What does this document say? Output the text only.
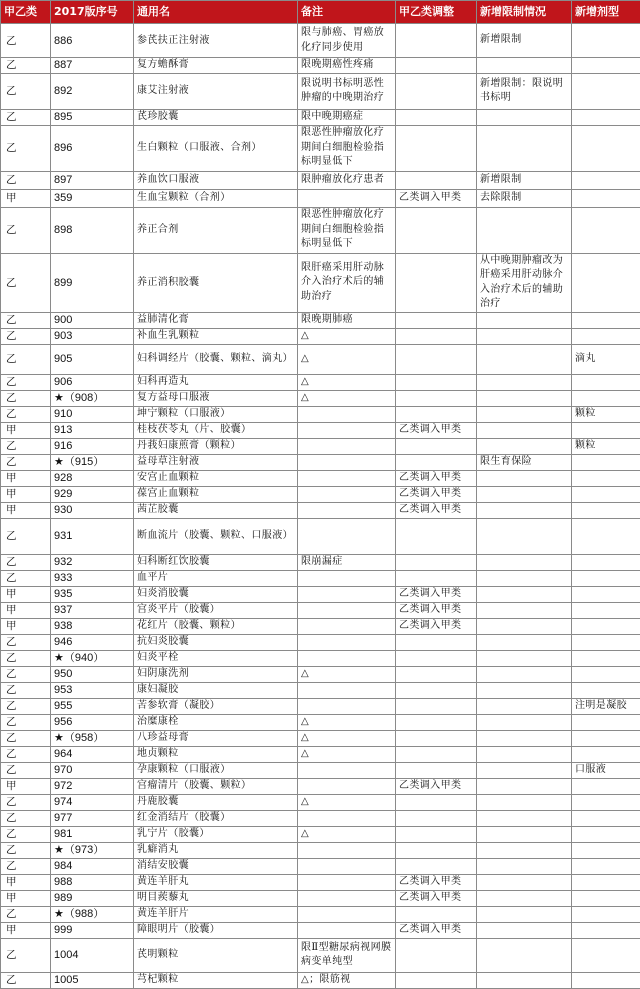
甲乙类	2017版序号	通用名	备注	甲乙类调整	新增限制情况	新增剂型
乙	886	参芪扶正注射液	限与肺癌、胃癌放化疗同步使用		新增限制	
乙	887	复方蟾酥膏	限晚期癌性疼痛			
乙	892	康艾注射液	限说明书标明恶性肿瘤的中晚期治疗		新增限制：限说明书标明	
乙	895	芪珍胶囊	限中晚期癌症			
乙	896	生白颗粒（口服液、合剂）	限恶性肿瘤放化疗期间白细胞检验指标明显低下			
乙	897	养血饮口服液	限肿瘤放化疗患者		新增限制	
甲	359	生血宝颗粒（合剂）		乙类调入甲类	去除限制	
乙	898	养正合剂	限恶性肿瘤放化疗期间白细胞检验指标明显低下			
乙	899	养正消积胶囊	限肝癌采用肝动脉介入治疗术后的辅助治疗		从中晚期肿瘤改为肝癌采用肝动脉介入治疗术后的辅助治疗	
乙	900	益肺清化膏	限晚期肺癌			
乙	903	补血生乳颗粒	△			
乙	905	妇科调经片（胶囊、颗粒、滴丸）	△			滴丸
乙	906	妇科再造丸	△			
乙	★（908）	复方益母口服液	△			
乙	910	坤宁颗粒（口服液）				颗粒
甲	913	桂枝茯苓丸（片、胶囊）		乙类调入甲类		
乙	916	丹莪妇康煎膏（颗粒）				颗粒
乙	★（915）	益母草注射液			限生育保险	
甲	928	安宫止血颗粒		乙类调入甲类		
甲	929	葆宫止血颗粒		乙类调入甲类		
甲	930	茜芷胶囊		乙类调入甲类		
乙	931	断血流片（胶囊、颗粒、口服液）				
乙	932	妇科断红饮胶囊	限崩漏症			
乙	933	血平片				
甲	935	妇炎消胶囊		乙类调入甲类		
甲	937	宫炎平片（胶囊）		乙类调入甲类		
甲	938	花红片（胶囊、颗粒）		乙类调入甲类		
乙	946	抗妇炎胶囊				
乙	★（940）	妇炎平栓				
乙	950	妇阴康洗剂	△			
乙	953	康妇凝胶				
乙	955	苦参软膏（凝胶）				注明是凝胶
乙	956	治糜康栓	△			
乙	★（958）	八珍益母膏	△			
乙	964	地贞颗粒	△			
乙	970	孕康颗粒（口服液）				口服液
甲	972	宫瘤清片（胶囊、颗粒）		乙类调入甲类		
乙	974	丹鹿胶囊	△			
乙	977	红金消结片（胶囊）				
乙	981	乳宁片（胶囊）	△			
乙	★（973）	乳癖消丸				
乙	984	消结安胶囊				
甲	988	黄连羊肝丸		乙类调入甲类		
甲	989	明目蒺藜丸		乙类调入甲类		
乙	★（988）	黄连羊肝片				
甲	999	障眼明片（胶囊）		乙类调入甲类		
乙	1004	芪明颗粒	限Ⅱ型糖尿病视网膜病变单纯型			
乙	1005	芎杞颗粒	△；限筋视			
